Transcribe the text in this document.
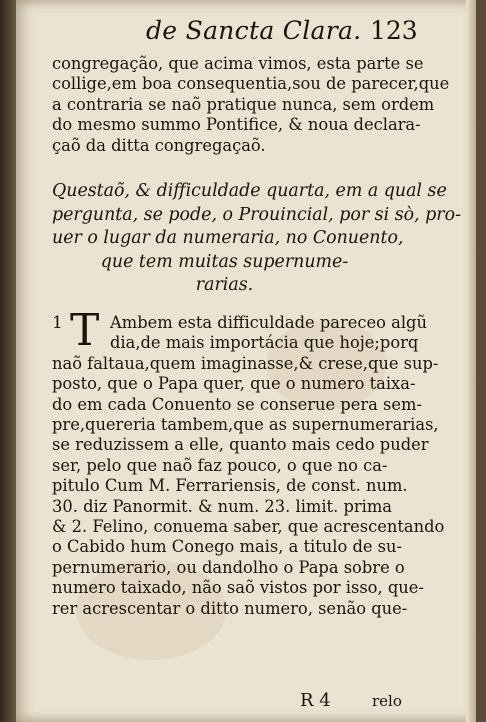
de Sancta Clara. 123
congregação, que acima vimos, esta parte se
collige,em boa consequentia,sou de parecer,que
a contraria se naõ pratique nunca, sem ordem
do mesmo summo Pontifice, & noua declara-
çaõ da ditta congregaçaõ.
Questaõ, & difficuldade quarta, em a qual se
pergunta, se pode, o Prouincial, por si sò, pro-
uer o lugar da numeraria, no Conuento,
que tem muitas supernume-
rarias.
1 T Ambem esta difficuldade pareceo algũ
dia,de mais importácia que hoje;porq
naõ faltaua,quem imaginasse,& crese,que sup-
posto, que o Papa quer, que o numero taixa-
do em cada Conuento se conserue pera sem-
pre,quereria tambem,que as supernumerarias,
se reduzissem a elle, quanto mais cedo puder
ser, pelo que naõ faz pouco, o que no ca-
pitulo Cum M. Ferrariensis, de const. num.
30. diz Panormit. & num. 23. limit. prima
& 2. Felino, conuema saber, que acrescentando
o Cabido hum Conego mais, a titulo de su-
pernumerario, ou dandolho o Papa sobre o
numero taixado, não saõ vistos por isso, que-
rer acrescentar o ditto numero, senão que-
R 4	relo
